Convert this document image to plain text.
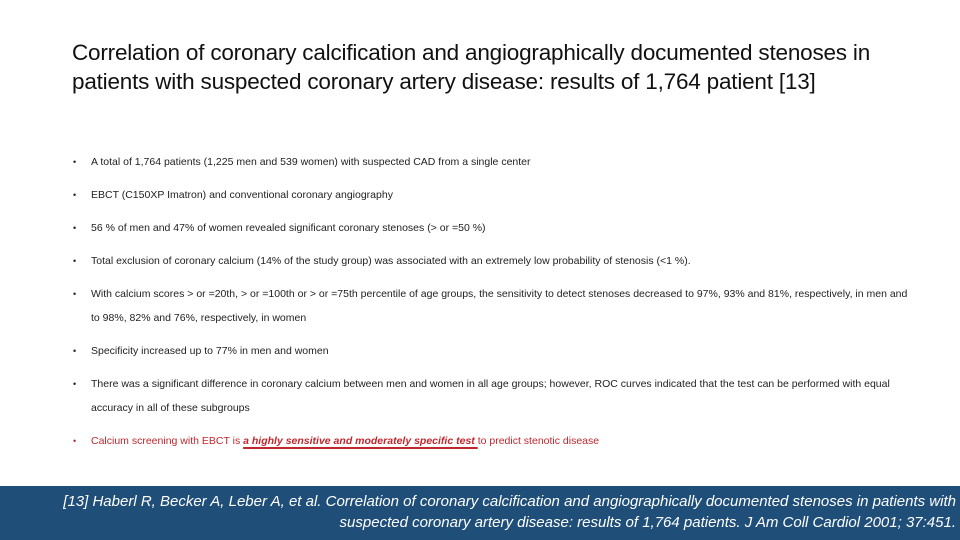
Correlation of coronary calcification and angiographically documented stenoses in patients with suspected coronary artery disease: results of 1,764 patient [13]
• A total of 1,764 patients (1,225 men and 539 women) with suspected CAD from a single center
• EBCT (C150XP Imatron) and conventional coronary angiography
• 56 % of men and 47% of women revealed significant coronary stenoses (> or =50 %)
• Total exclusion of coronary calcium (14% of the study group) was associated with an extremely low probability of stenosis (<1 %).
• With calcium scores > or =20th, > or =100th or > or =75th percentile of age groups, the sensitivity to detect stenoses decreased to 97%, 93% and 81%, respectively, in men and to 98%, 82% and 76%, respectively, in women
• Specificity increased up to 77% in men and women
• There was a significant difference in coronary calcium between men and women in all age groups; however, ROC curves indicated that the test can be performed with equal accuracy in all of these subgroups
• Calcium screening with EBCT is a highly sensitive and moderately specific test to predict stenotic disease
[13] Haberl R, Becker A, Leber A, et al. Correlation of coronary calcification and angiographically documented stenoses in patients with suspected coronary artery disease: results of 1,764 patients. J Am Coll Cardiol 2001; 37:451.
